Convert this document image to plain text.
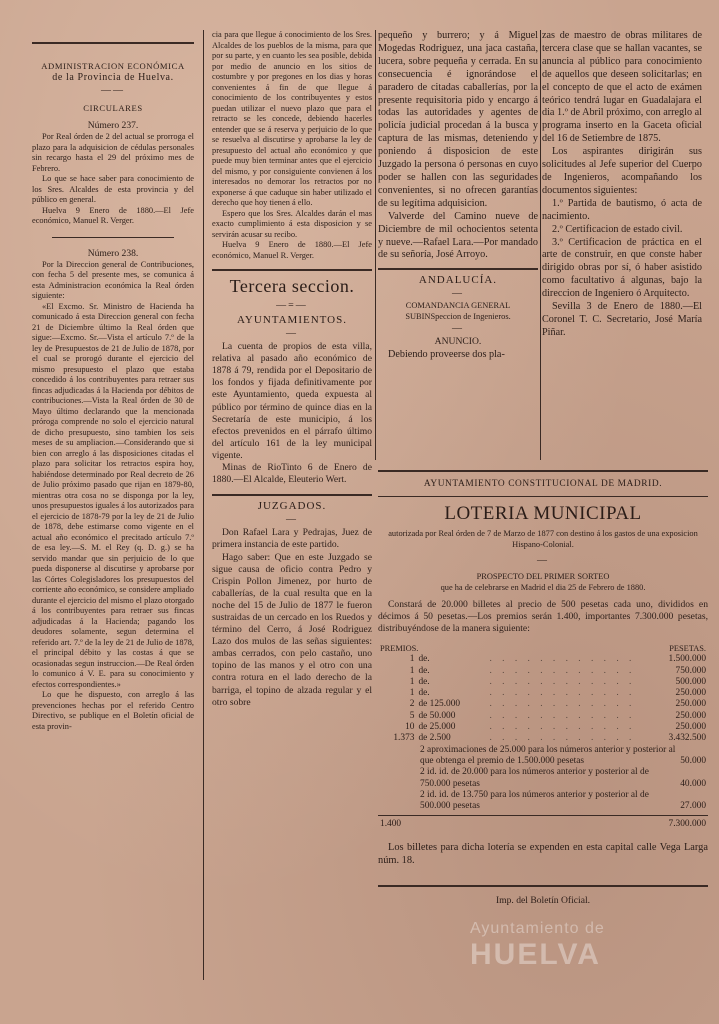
ADMINISTRACION ECONÓMICA
de la Provincia de Huelva.
——
CIRCULARES
Número 237.

Por Real órden de 2 del actual se prorroga el plazo para la adquisicion de cédulas personales sin recargo hasta el 29 del próximo mes de Febrero.

Lo que se hace saber para conocimiento de los Sres. Alcaldes de esta provincia y del público en general.

Huelva 9 Enero de 1880.—El Jefe económico, Manuel R. Verger.

Número 238.

Por la Direccion general de Contribuciones, con fecha 5 del presente mes, se comunica á esta Administracion económica la Real órden siguiente:

«El Excmo. Sr. Ministro de Hacienda ha comunicado á esta Direccion general con fecha 21 de Diciembre último la Real órden que sigue:—Excmo. Sr.—Vista el artículo 7.º de la ley de Presupuestos de 21 de Julio de 1878, por el cual se prorogó durante el ejercicio del mismo presupuesto el plazo que estaba concedido á los contribuyentes para retraer sus fincas adjudicadas á la Hacienda por débitos de contribuciones.—Vista la Real órden de 30 de Mayo último declarando que la mencionada próroga comprende no solo el ejercicio natural de dicho presupuesto, sino tambien los seis meses de su ampliacion.—Considerando que si bien con arreglo á las disposiciones citadas el plazo para solicitar los retractos espira hoy, habiéndose determinado por Real decreto de 26 de Julio próximo pasado que rijan en 1879-80, mientras otra cosa no se disponga por la ley, unos presupuestos iguales á los autorizados para el ejercicio de 1878-79 por la ley de 21 de Julio de 1878, debe estimarse como vigente en el actual año económico el precitado artículo 7.º de esa ley.—S. M. el Rey (q. D. g.) se ha servido mandar que sin perjuicio de lo que pueda disponerse al discutirse y aprobarse por las Córtes Colegisladores los presupuestos del corriente año económico, se considere ampliado durante el ejercicio del mismo el plazo otorgado á los contribuyentes para retraer sus fincas adjudicadas á la Hacienda; pagando los deudores solamente, segun determina el referido art. 7.º de la ley de 21 de Julio de 1878, el principal débito y las costas á que se ocasionadas segun instruccion.—De Real órden lo comunico á V. E. para su conocimiento y efectos correspondientes.»

Lo que he dispuesto, con arreglo á las prevenciones hechas por el referido Centro Directivo, se publique en el Boletín oficial de esta provin-

cia para que llegue á conocimiento de los Sres. Alcaldes de los pueblos de la misma, para que por su parte, y en cuanto les sea posible, debida por medio de anuncio en los sitios de costumbre y por pregones en los dias y horas convenientes á fin de que llegue á conocimiento de los contribuyentes y estos puedan utilizar el nuevo plazo que para el retracto se les concede, debiendo hacerles entender que se á reserva y perjuicio de lo que se resuelva al discutirse y aprobarse la ley de presupuesto del actual año económico y que puede muy bien terminar antes que el ejercicio del mismo, y por consiguiente convienen á los interesados no demorar los retractos por no exponerse á que caduque sin haber utilizado el derecho que hoy tienen á ello.

Espero que los Sres. Alcaldes darán el mas exacto cumplimiento á esta disposicion y se servirán acusar su recibo.

Huelva 9 Enero de 1880.—El Jefe económico, Manuel R. Verger.

Tercera seccion.
—=—
AYUNTAMIENTOS.
—

La cuenta de propios de esta villa, relativa al pasado año económico de 1878 á 79, rendida por el Depositario de los fondos y fijada definitivamente por este Ayuntamiento, queda expuesta al público por término de quince dias en la Secretaría de este municipio, á los efectos prevenidos en el párrafo último del artículo 161 de la ley municipal vigente.

Minas de RioTinto 6 de Enero de 1880.—El Alcalde, Eleuterio Wert.

JUZGADOS.
—

Don Rafael Lara y Pedrajas, Juez de primera instancia de este partido.

Hago saber: Que en este Juzgado se sigue causa de oficio contra Pedro y Crispin Pollon Jimenez, por hurto de caballerías, de la cual resulta que en la noche del 15 de Julio de 1877 le fueron sustraidas de un cercado en los Ruedos y término del Cerro, á José Rodriguez Lazo dos mulos de las señas siguientes: ambas cerrados, con pelo castaño, uno topino de las manos y el otro con una contra rotura en el lado derecho de la barriga, el topino de alzada regular y el otro sobre

pequeño y burrero; y á Miguel Mogedas Rodriguez, una jaca castaña, lucera, sobre pequeña y cerrada. En su consecuencia é ignorándose el paradero de citadas caballerías, por la presente requisitoria pido y encargo á todas las autoridades y agentes de policía judicial procedan á la busca y captura de las mismas, deteniendo y poniendo á disposicion de este Juzgado la persona ó personas en cuyo poder se hallen con las seguridades convenientes, si no ofrecen garantías de su legítima adquisicion.

Valverde del Camino nueve de Diciembre de mil ochocientos setenta y nueve.—Rafael Lara.—Por mandado de su señoría, José Arroyo.

ANDALUCÍA.
—
COMANDANCIA GENERAL SUBINSpeccion de Ingenieros.
—
ANUNCIO.

Debiendo proveerse dos pla-

zas de maestro de obras militares de tercera clase que se hallan vacantes, se anuncia al público para conocimiento de aquellos que deseen solicitarlas; en el concepto de que el acto de exámen teórico tendrá lugar en Guadalajara el dia 1.º de Abril próximo, con arreglo al programa inserto en la Gaceta oficial del 16 de Setiembre de 1875.

Los aspirantes dirigirán sus solicitudes al Jefe superior del Cuerpo de Ingenieros, acompañando los documentos siguientes:

1.º Partida de bautismo, ó acta de nacimiento.

2.º Certificacion de estado civil.

3.º Certificacion de práctica en el arte de construir, en que conste haber dirigido obras por sí, ó haber asistido como facultativo á algunas, bajo la direccion de Ingeniero ó Arquitecto.

Sevilla 3 de Enero de 1880.—El Coronel T. C. Secretario, José María Piñar.

AYUNTAMIENTO CONSTITUCIONAL DE MADRID.
LOTERIA MUNICIPAL

autorizada por Real órden de 7 de Marzo de 1877 con destino á los gastos de una exposicion Hispano-Colonial.

—
PROSPECTO DEL PRIMER SORTEO
que ha de celebrarse en Madrid el dia 25 de Febrero de 1880.

Constará de 20.000 billetes al precio de 500 pesetas cada uno, divididos en décimos á 50 pesetas.—Los premios serán 1.400, importantes 7.300.000 pesetas, distribuyéndose de la manera siguiente:

PREMIOS.		PESETAS.
1	de.	. . . . . . . . . . . .	1.500.000
1	de.	. . . . . . . . . . . .	750.000
1	de.	. . . . . . . . . . . .	500.000
1	de.	. . . . . . . . . . . .	250.000
2	de 125.000	. . . . . . . . . . . .	250.000
5	de 50.000	. . . . . . . . . . . .	250.000
10	de 25.000	. . . . . . . . . . . .	250.000
1.373	de 2.500	. . . . . . . . . . . .	3.432.500
	2 aproximaciones de 25.000 para los números anterior y posterior al que obtenga el premio de 1.500.000 pesetas	50.000
	2 id. id. de 20.000 para los números anterior y posterior al de 750.000 pesetas	40.000
	2 id. id. de 13.750 para los números anterior y posterior al de 500.000 pesetas	27.000
1.400	7.300.000

Los billetes para dicha lotería se expenden en esta capital calle Vega Larga núm. 18.

Imp. del Boletín Oficial.
Ayuntamiento de
HUELVA
